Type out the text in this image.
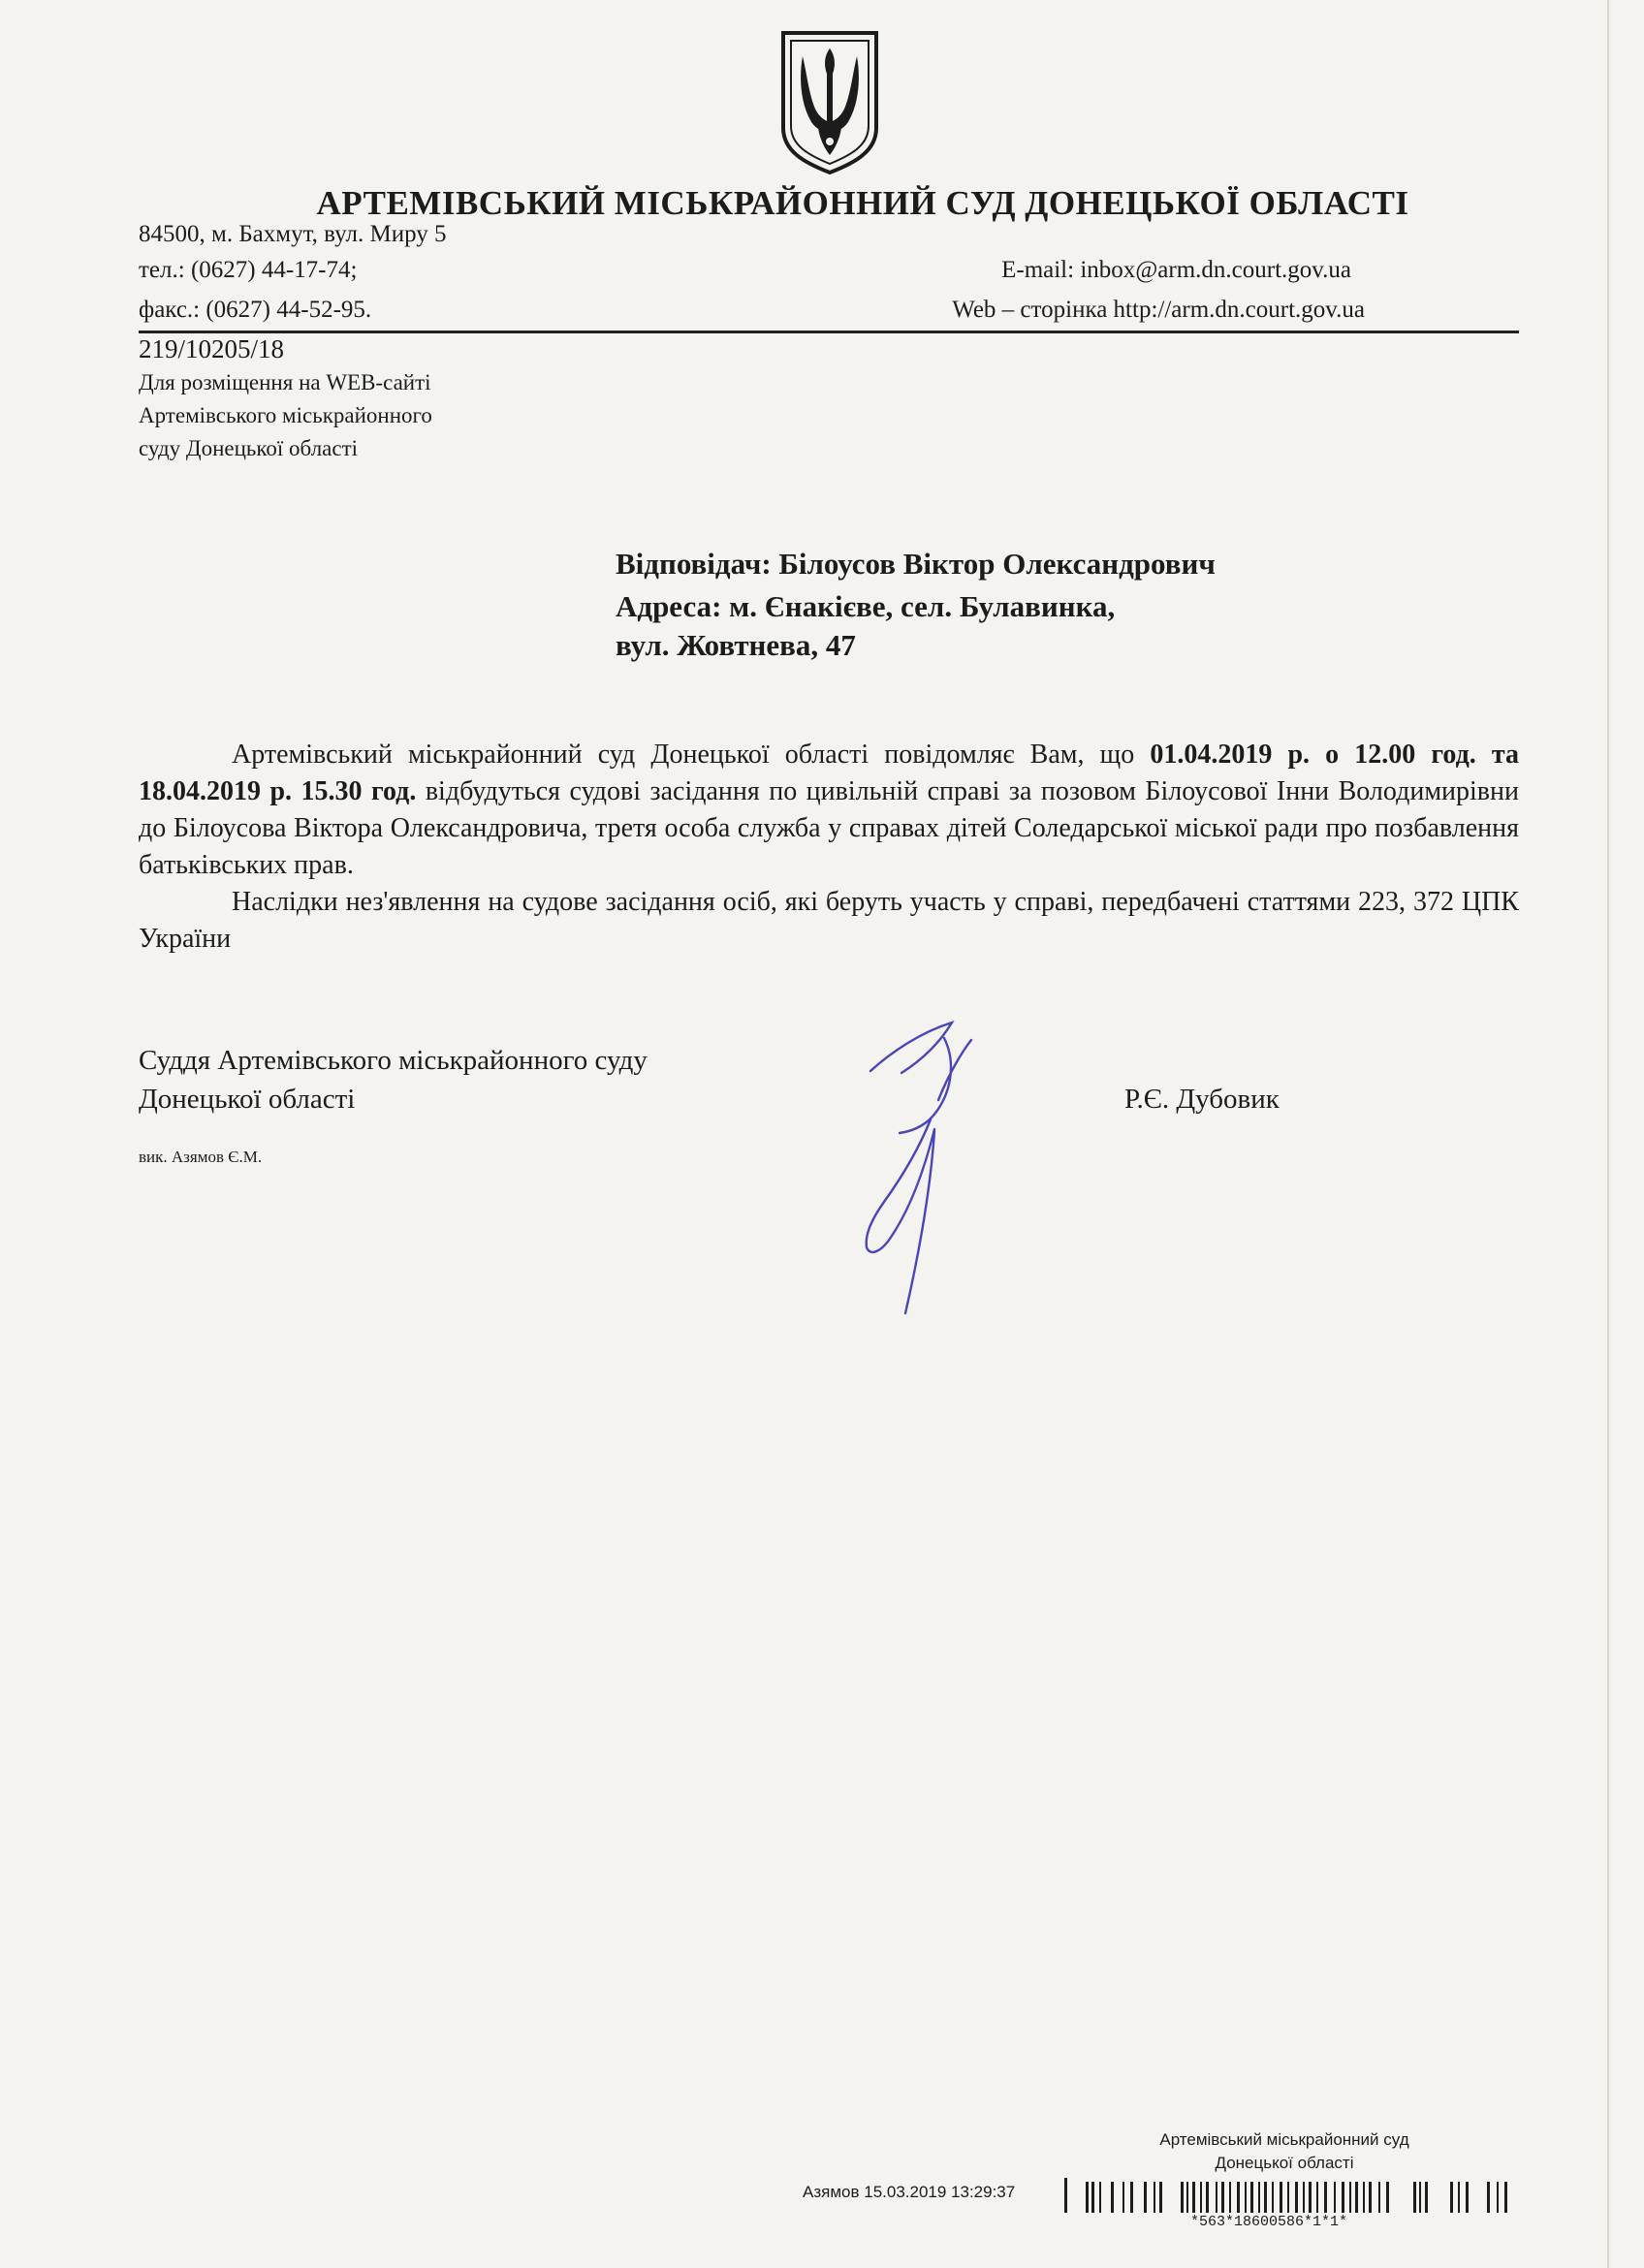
АРТЕМІВСЬКИЙ МІСЬКРАЙОННИЙ СУД ДОНЕЦЬКОЇ ОБЛАСТІ
84500, м. Бахмут, вул. Миру 5
тел.: (0627) 44-17-74;
факс.: (0627) 44-52-95.
E-mail: inbox@arm.dn.court.gov.ua
Web – сторінка http://arm.dn.court.gov.ua
219/10205/18
Для розміщення на WEB-сайті
Артемівського міськрайонного
суду Донецької області
Відповідач: Білоусов Віктор Олександрович
Адреса: м. Єнакієве, сел. Булавинка,
вул. Жовтнева, 47

Артемівський міськрайонний суд Донецької області повідомляє Вам, що 01.04.2019 р. о 12.00 год. та 18.04.2019 р. 15.30 год. відбудуться судові засідання по цивільній справі за позовом Білоусової Інни Володимирівни до Білоусова Віктора Олександровича, третя особа служба у справах дітей Соледарської міської ради про позбавлення батьківських прав.

Наслідки нез'явлення на судове засідання осіб, які беруть участь у справі, передбачені статтями 223, 372 ЦПК України

Суддя Артемівського міськрайонного суду
Донецької області	Р.Є. Дубовик
вик. Азямов Є.М.
Артемівський міськрайонний суд
Донецької області
Азямов 15.03.2019 13:29:37
*563*18600586*1*1*
